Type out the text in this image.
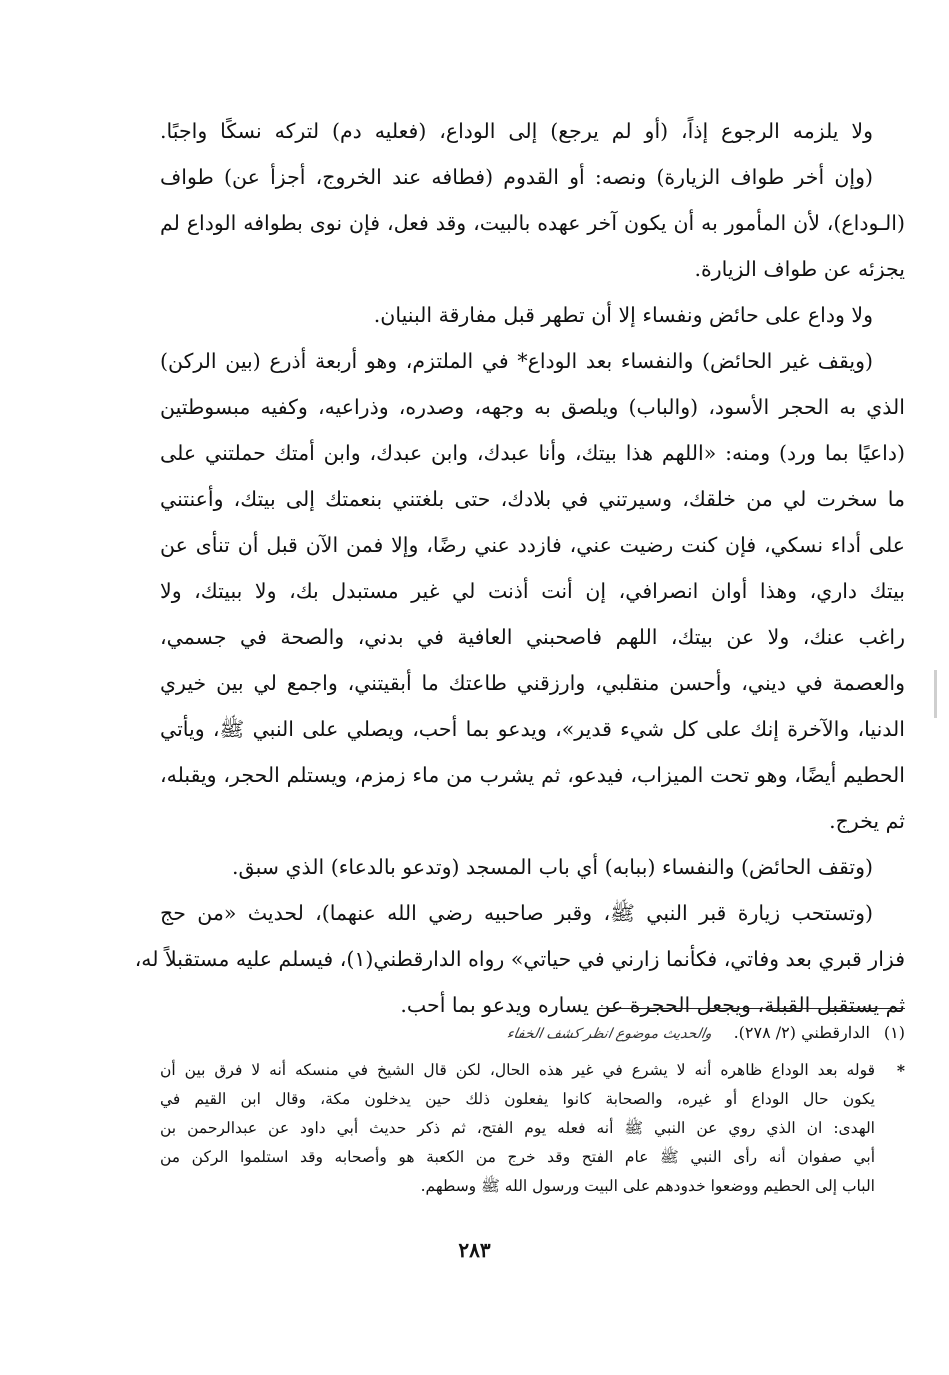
ولا يلزمه الرجوع إذاً، (أو لم يرجع) إلى الوداع، (فعليه دم) لتركه نسكًا واجبًا.
(وإن أخر طواف الزيارة) ونصه: أو القدوم (فطافه عند الخروج، أجزأ عن) طواف
(الـوداع)، لأن المأمور به أن يكون آخر عهده بالبيت، وقد فعل، فإن نوى بطوافه الوداع لم
يجزئه عن طواف الزيارة.
ولا وداع على حائض ونفساء إلا أن تطهر قبل مفارقة البنيان.
(ويقف غير الحائض) والنفساء بعد الوداع* في الملتزم، وهو أربعة أذرع (بين الركن)
الذي به الحجر الأسود، (والباب) ويلصق به وجهه، وصدره، وذراعيه، وكفيه مبسوطتين
(داعيًا بما ورد) ومنه: «اللهم هذا بيتك، وأنا عبدك، وابن عبدك، وابن أمتك حملتني على
ما سخرت لي من خلقك، وسيرتني في بلادك، حتى بلغتني بنعمتك إلى بيتك، وأعنتني
على أداء نسكي، فإن كنت رضيت عني، فازدد عني رضًا، وإلا فمن الآن قبل أن تنأى عن
بيتك داري، وهذا أوان انصرافي، إن أنت أذنت لي غير مستبدل بك، ولا ببيتك، ولا
راغب عنك، ولا عن بيتك، اللهم فاصحبني العافية في بدني، والصحة في جسمي،
والعصمة في ديني، وأحسن منقلبي، وارزقني طاعتك ما أبقيتني، واجمع لي بين خيري
الدنيا، والآخرة إنك على كل شيء قدير»، ويدعو بما أحب، ويصلي على النبي ﷺ، ويأتي
الحطيم أيضًا، وهو تحت الميزاب، فيدعو، ثم يشرب من ماء زمزم، ويستلم الحجر، ويقبله،
ثم يخرج.
(وتقف الحائض) والنفساء (ببابه) أي باب المسجد (وتدعو بالدعاء) الذي سبق.
(وتستحب زيارة قبر النبي ﷺ، وقبر صاحبيه رضي الله عنهما)، لحديث «من حج
فزار قبري بعد وفاتي، فكأنما زارني في حياتي» رواه الدارقطني(١)، فيسلم عليه مستقبلاً له،
ثم يستقبل القبلة، ويجعل الحجرة عن يساره ويدعو بما أحب.
(١)الدارقطني (٢/ ٢٧٨).والحديث موضوع انظر كشف الخفاء
*
قوله بعد الوداع ظاهره أنه لا يشرع في غير هذه الحال، لكن قال الشيخ في منسكه أنه لا فرق بين أن
يكون حال الوداع أو غيره، والصحابة كانوا يفعلون ذلك حين يدخلون مكة، وقال ابن القيم في
الهدى: ان الذي روي عن النبي ﷺ أنه فعله يوم الفتح، ثم ذكر حديث أبي داود عن عبدالرحمن بن
أبي صفوان أنه رأى النبي ﷺ عام الفتح وقد خرج من الكعبة هو وأصحابه وقد استلموا الركن من
الباب إلى الحطيم ووضعوا خدودهم على البيت ورسول الله ﷺ وسطهم.
٢٨٣
